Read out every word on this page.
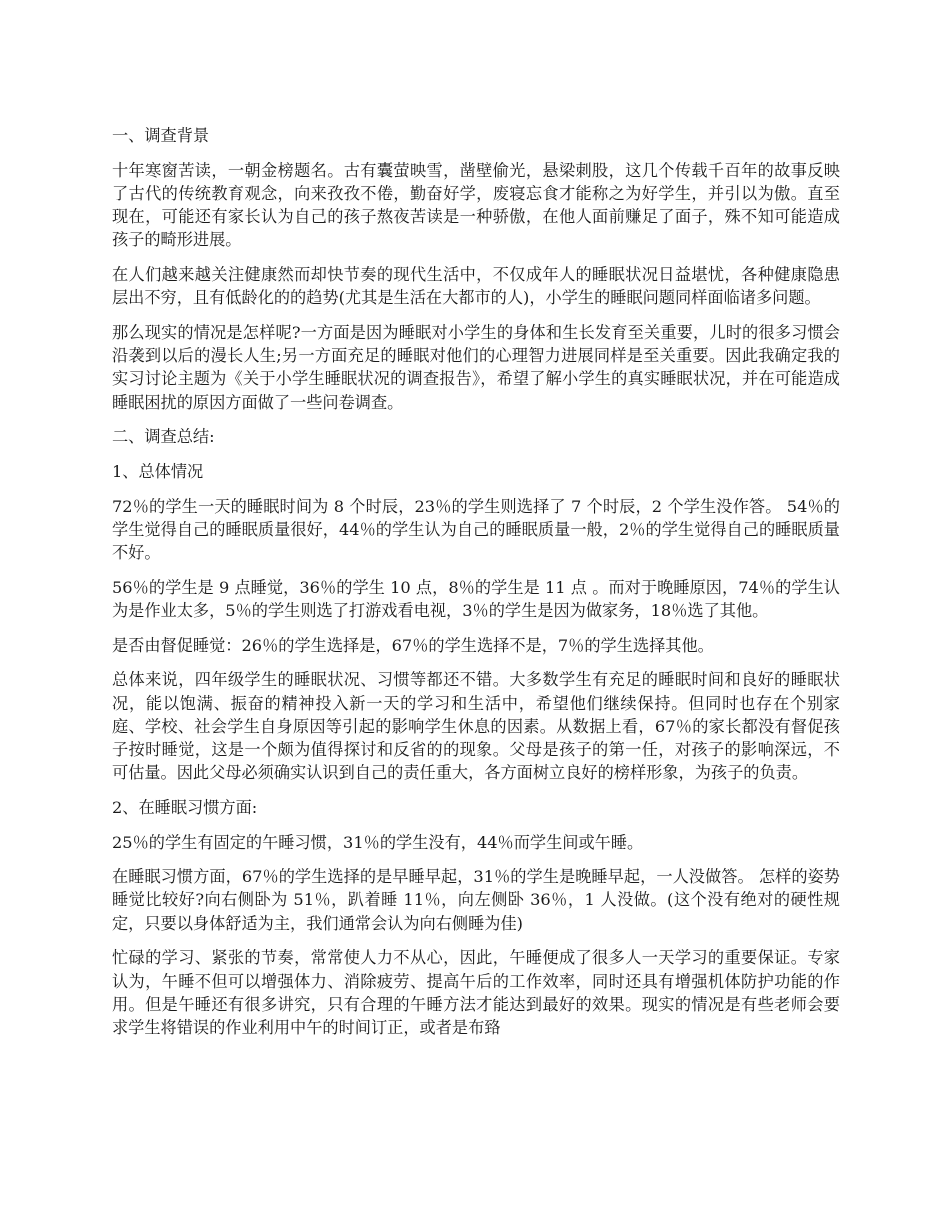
一、调查背景

十年寒窗苦读，一朝金榜题名。古有囊萤映雪，凿壁偷光，悬梁刺股，这几个传载千百年的故事反映了古代的传统教育观念，向来孜孜不倦，勤奋好学，废寝忘食才能称之为好学生，并引以为傲。直至现在，可能还有家长认为自己的孩子熬夜苦读是一种骄傲，在他人面前赚足了面子，殊不知可能造成孩子的畸形进展。

在人们越来越关注健康然而却快节奏的现代生活中，不仅成年人的睡眠状况日益堪忧，各种健康隐患层出不穷，且有低龄化的的趋势(尤其是生活在大都市的人)，小学生的睡眠问题同样面临诸多问题。

那么现实的情况是怎样呢?一方面是因为睡眠对小学生的身体和生长发育至关重要，儿时的很多习惯会沿袭到以后的漫长人生;另一方面充足的睡眠对他们的心理智力进展同样是至关重要。因此我确定我的实习讨论主题为《关于小学生睡眠状况的调查报告》，希望了解小学生的真实睡眠状况，并在可能造成睡眠困扰的原因方面做了一些问卷调查。

二、调查总结:

1、总体情况

72％的学生一天的睡眠时间为 8 个时辰，23％的学生则选择了 7 个时辰，2 个学生没作答。 54％的学生觉得自己的睡眠质量很好，44％的学生认为自己的睡眠质量一般，2％的学生觉得自己的睡眠质量不好。

56％的学生是 9 点睡觉，36％的学生 10 点，8％的学生是 11 点 。而对于晚睡原因，74％的学生认为是作业太多，5％的学生则选了打游戏看电视，3％的学生是因为做家务，18％选了其他。

是否由督促睡觉：26％的学生选择是，67％的学生选择不是，7％的学生选择其他。

总体来说，四年级学生的睡眠状况、习惯等都还不错。大多数学生有充足的睡眠时间和良好的睡眠状况，能以饱满、振奋的精神投入新一天的学习和生活中，希望他们继续保持。但同时也存在个别家庭、学校、社会学生自身原因等引起的影响学生休息的因素。从数据上看，67％的家长都没有督促孩子按时睡觉，这是一个颇为值得探讨和反省的的现象。父母是孩子的第一任，对孩子的影响深远，不可估量。因此父母必须确实认识到自己的责任重大，各方面树立良好的榜样形象，为孩子的负责。

2、在睡眠习惯方面:

25％的学生有固定的午睡习惯，31％的学生没有，44％而学生间或午睡。

在睡眠习惯方面，67％的学生选择的是早睡早起，31％的学生是晚睡早起，一人没做答。 怎样的姿势睡觉比较好?向右侧卧为 51％，趴着睡 11％，向左侧卧 36％，1 人没做。(这个没有绝对的硬性规定，只要以身体舒适为主，我们通常会认为向右侧睡为佳)

忙碌的学习、紧张的节奏，常常使人力不从心，因此，午睡便成了很多人一天学习的重要保证。专家认为，午睡不但可以增强体力、消除疲劳、提高午后的工作效率，同时还具有增强机体防护功能的作用。但是午睡还有很多讲究，只有合理的午睡方法才能达到最好的效果。现实的情况是有些老师会要求学生将错误的作业利用中午的时间订正，或者是布臵
